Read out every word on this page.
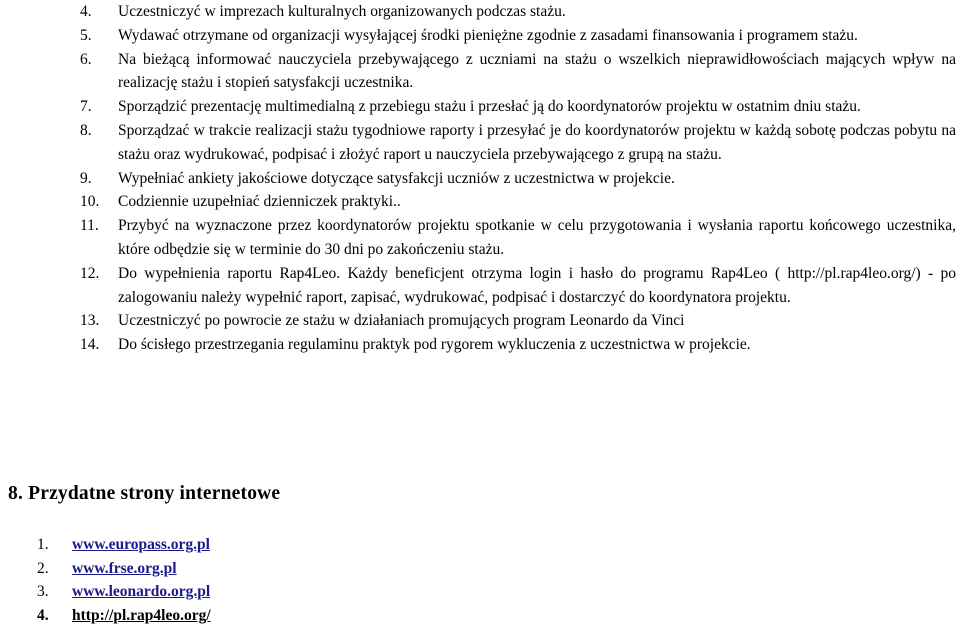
4.	Uczestniczyć w imprezach kulturalnych organizowanych podczas stażu.
5.	Wydawać otrzymane od organizacji wysyłającej środki pieniężne zgodnie z zasadami finansowania i programem stażu.
6.	Na bieżącą informować nauczyciela przebywającego z uczniami na stażu o wszelkich nieprawidłowościach mających wpływ na realizację stażu i stopień satysfakcji uczestnika.
7.	Sporządzić prezentację multimedialną z przebiegu stażu i przesłać ją do koordynatorów projektu w ostatnim dniu stażu.
8.	Sporządzać w trakcie realizacji stażu tygodniowe raporty i przesyłać je do koordynatorów projektu w każdą sobotę podczas pobytu na stażu oraz wydrukować, podpisać i złożyć raport u nauczyciela przebywającego z grupą na stażu.
9.	Wypełniać ankiety jakościowe dotyczące satysfakcji uczniów z uczestnictwa w projekcie.
10.	Codziennie uzupełniać dzienniczek praktyki..
11.	Przybyć na wyznaczone przez koordynatorów projektu spotkanie w celu przygotowania i wysłania raportu końcowego uczestnika, które odbędzie się w terminie do 30 dni po zakończeniu stażu.
12.	Do wypełnienia raportu Rap4Leo. Każdy beneficjent otrzyma login i hasło do programu Rap4Leo ( http://pl.rap4leo.org/) - po zalogowaniu należy wypełnić raport, zapisać, wydrukować, podpisać i dostarczyć do koordynatora projektu.
13.	Uczestniczyć po powrocie ze stażu w działaniach promujących program Leonardo da Vinci
14.	Do ścisłego przestrzegania regulaminu praktyk pod rygorem wykluczenia z uczestnictwa w projekcie.
8. Przydatne strony internetowe
1.	www.europass.org.pl
2.	www.frse.org.pl
3.	www.leonardo.org.pl
4.	http://pl.rap4leo.org/
